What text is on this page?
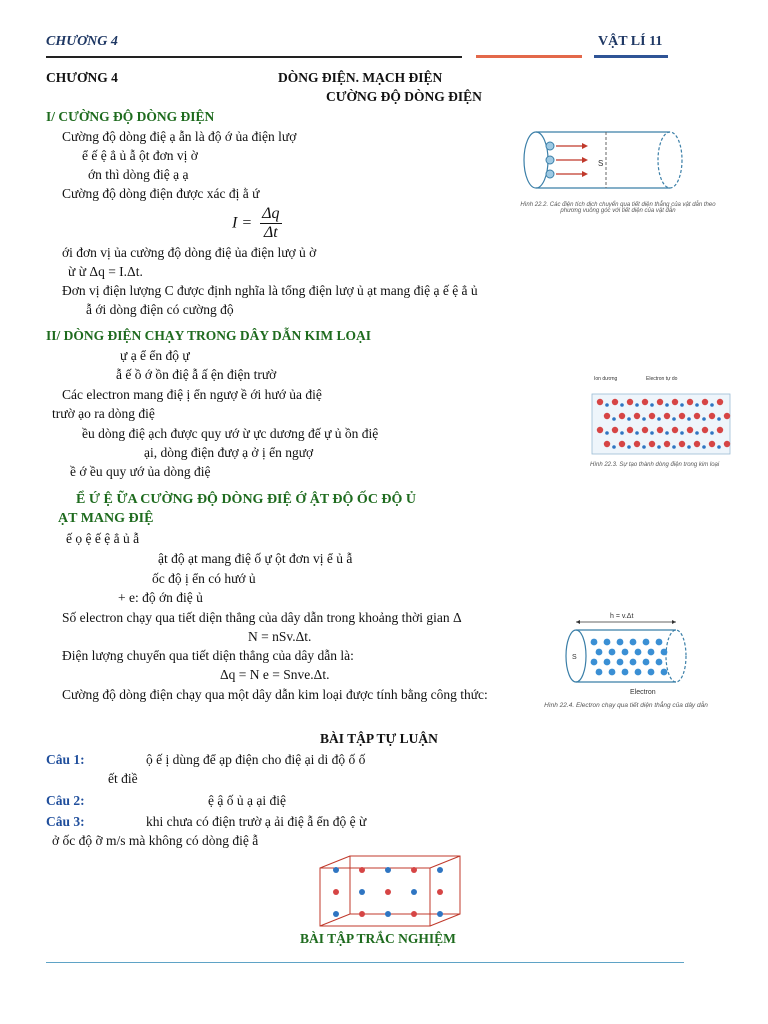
CHƯƠNG 4	VẬT LÍ 11
CHƯƠNG 4	DÒNG ĐIỆN. MẠCH ĐIỆN
CƯỜNG ĐỘ DÒNG ĐIỆN
I/ CƯỜNG ĐỘ DÒNG ĐIỆN
Cường độ dòng điệ ạ ẫn là độ ớ ủa điện lượ
ể ế ệ ẳ ủ ẫ ột đơn vị ờ
ớn thì dòng điệ ạ ạ
Cường độ dòng điện được xác đị ằ ứ
$I = \frac{\Delta q}{\Delta t}$
ới đơn vị ủa cường độ dòng điệ ủa điện lượ ủ ờ
ừ ừ Δq = I.Δt.
Đơn vị điện lượng C được định nghĩa là tổng điện lượ ủ ạt mang điệ ạ ế ệ ẳ ủ
ẫ ới dòng điện có cường độ
S
Hình 22.2. Các điện tích dịch chuyển qua tiết diện thẳng của vật dẫn theo phương vuông góc với tiết diện của vật dẫn
II/ DÒNG ĐIỆN CHẠY TRONG DÂY DẪN KIM LOẠI
ự ạ ể ển độ ự
ẫ ế ồ ớ ồn điệ ẫ ấ ện điện trườ
Các electron mang điệ ị ển ngượ ề ới hướ ủa điệ
trườ ạo ra dòng điệ
ều dòng điệ ạch được quy ướ ừ ực dương đế ự ủ ồn điệ
ại, dòng điện đượ ạ ở ị ển ngượ
ề ớ ều quy ướ ủa dòng điệ
Ion dương	Electron tự do
Hình 22.3. Sự tạo thành dòng điện trong kim loại
Ể Ứ Ệ ỮA CƯỜNG ĐỘ DÒNG ĐIỆ Ớ ẬT ĐỘ ỐC ĐỘ Ủ
ẠT MANG ĐIỆ
ế ọ ệ ế ệ ẳ ủ ẫ
ật độ ạt mang điệ ố ự ột đơn vị ể ủ ẫ
ốc độ ị ển có hướ ủ
+ e: độ ớn điệ ủ
Số electron chạy qua tiết diện thẳng của dây dẫn trong khoảng thời gian Δ
N = nSv.Δt.
Điện lượng chuyển qua tiết diện thẳng của dây dẫn là:
Δq = N e = Snve.Δt.
Cường độ dòng điện chạy qua một dây dẫn kim loại được tính bằng công thức:
h = v.Δt
S
Electron
Hình 22.4. Electron chạy qua tiết diện thẳng của dây dẫn
BÀI TẬP TỰ LUẬN
Câu 1:	ộ ế ị dùng để ạp điện cho điệ ại di độ ố ố
ết điề
Câu 2:	ệ ậ ố ủ ạ ại điệ
Câu 3:	khi chưa có điện trườ ạ ải điệ ẫ ển độ ệ ừ
ở ốc độ ỡ m/s mà không có dòng điệ ẫ
BÀI TẬP TRẮC NGHIỆM
